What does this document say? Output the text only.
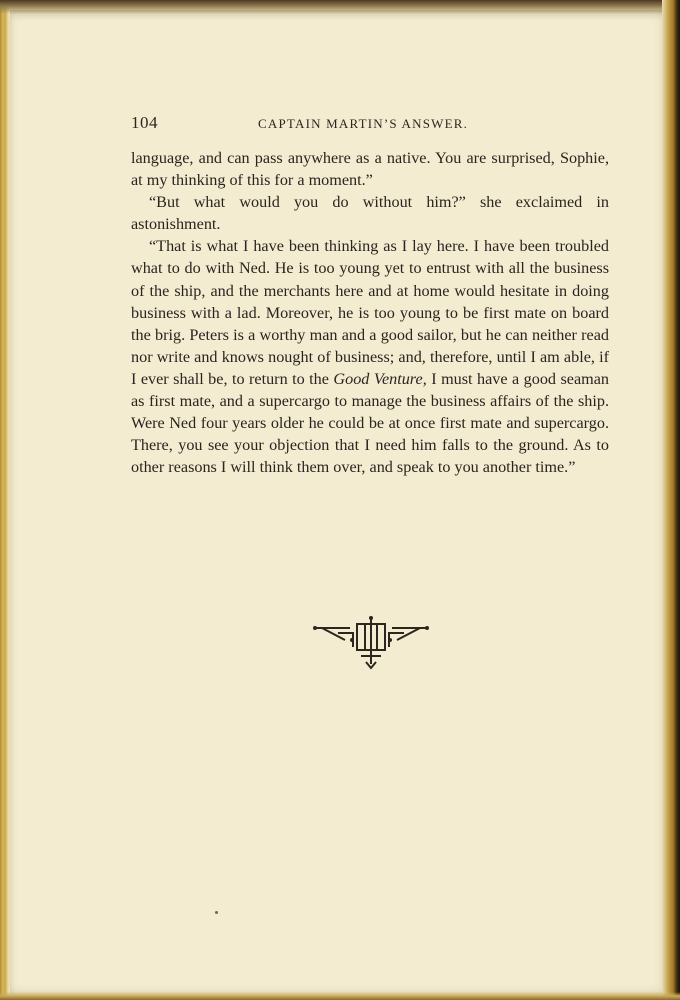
104	CAPTAIN MARTIN’S ANSWER.

language, and can pass anywhere as a native. You are surprised, Sophie, at my thinking of this for a moment.”

“But what would you do without him?” she exclaimed in astonishment.

“That is what I have been thinking as I lay here. I have been troubled what to do with Ned. He is too young yet to entrust with all the business of the ship, and the merchants here and at home would hesitate in doing business with a lad. Moreover, he is too young to be first mate on board the brig. Peters is a worthy man and a good sailor, but he can neither read nor write and knows nought of business; and, therefore, until I am able, if I ever shall be, to return to the Good Venture, I must have a good seaman as first mate, and a supercargo to manage the business affairs of the ship. Were Ned four years older he could be at once first mate and supercargo. There, you see your objection that I need him falls to the ground. As to other reasons I will think them over, and speak to you another time.”
